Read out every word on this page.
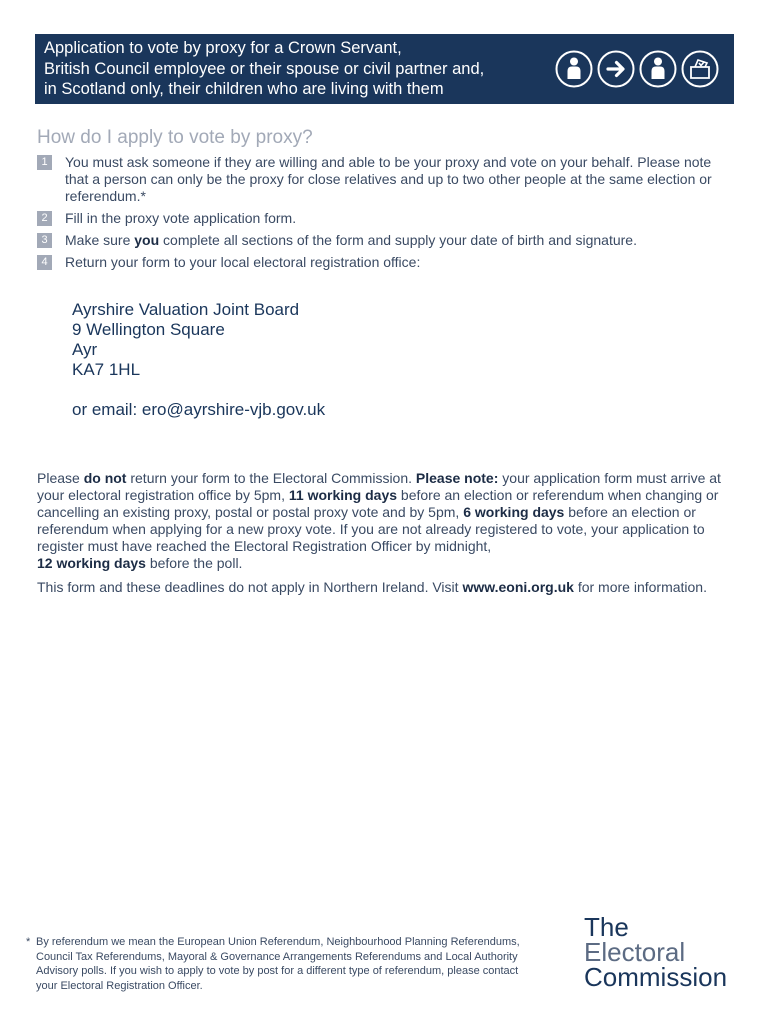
Application to vote by proxy for a Crown Servant,
British Council employee or their spouse or civil partner and,
in Scotland only, their children who are living with them
How do I apply to vote by proxy?
1	You must ask someone if they are willing and able to be your proxy and vote on your behalf. Please note that a person can only be the proxy for close relatives and up to two other people at the same election or referendum.*
2	Fill in the proxy vote application form.
3	Make sure you complete all sections of the form and supply your date of birth and signature.
4	Return your form to your local electoral registration office:
Ayrshire Valuation Joint Board
9 Wellington Square
Ayr
KA7 1HL
or email: ero@ayrshire-vjb.gov.uk
Please do not return your form to the Electoral Commission. Please note: your application form must arrive at your electoral registration office by 5pm, 11 working days before an election or referendum when changing or cancelling an existing proxy, postal or postal proxy vote and by 5pm, 6 working days before an election or referendum when applying for a new proxy vote. If you are not already registered to vote, your application to register must have reached the Electoral Registration Officer by midnight,
12 working days before the poll.
This form and these deadlines do not apply in Northern Ireland. Visit www.eoni.org.uk for more information.
* By referendum we mean the European Union Referendum, Neighbourhood Planning Referendums, Council Tax Referendums, Mayoral & Governance Arrangements Referendums and Local Authority Advisory polls. If you wish to apply to vote by post for a different type of referendum, please contact your Electoral Registration Officer.
The
Electoral
Commission
